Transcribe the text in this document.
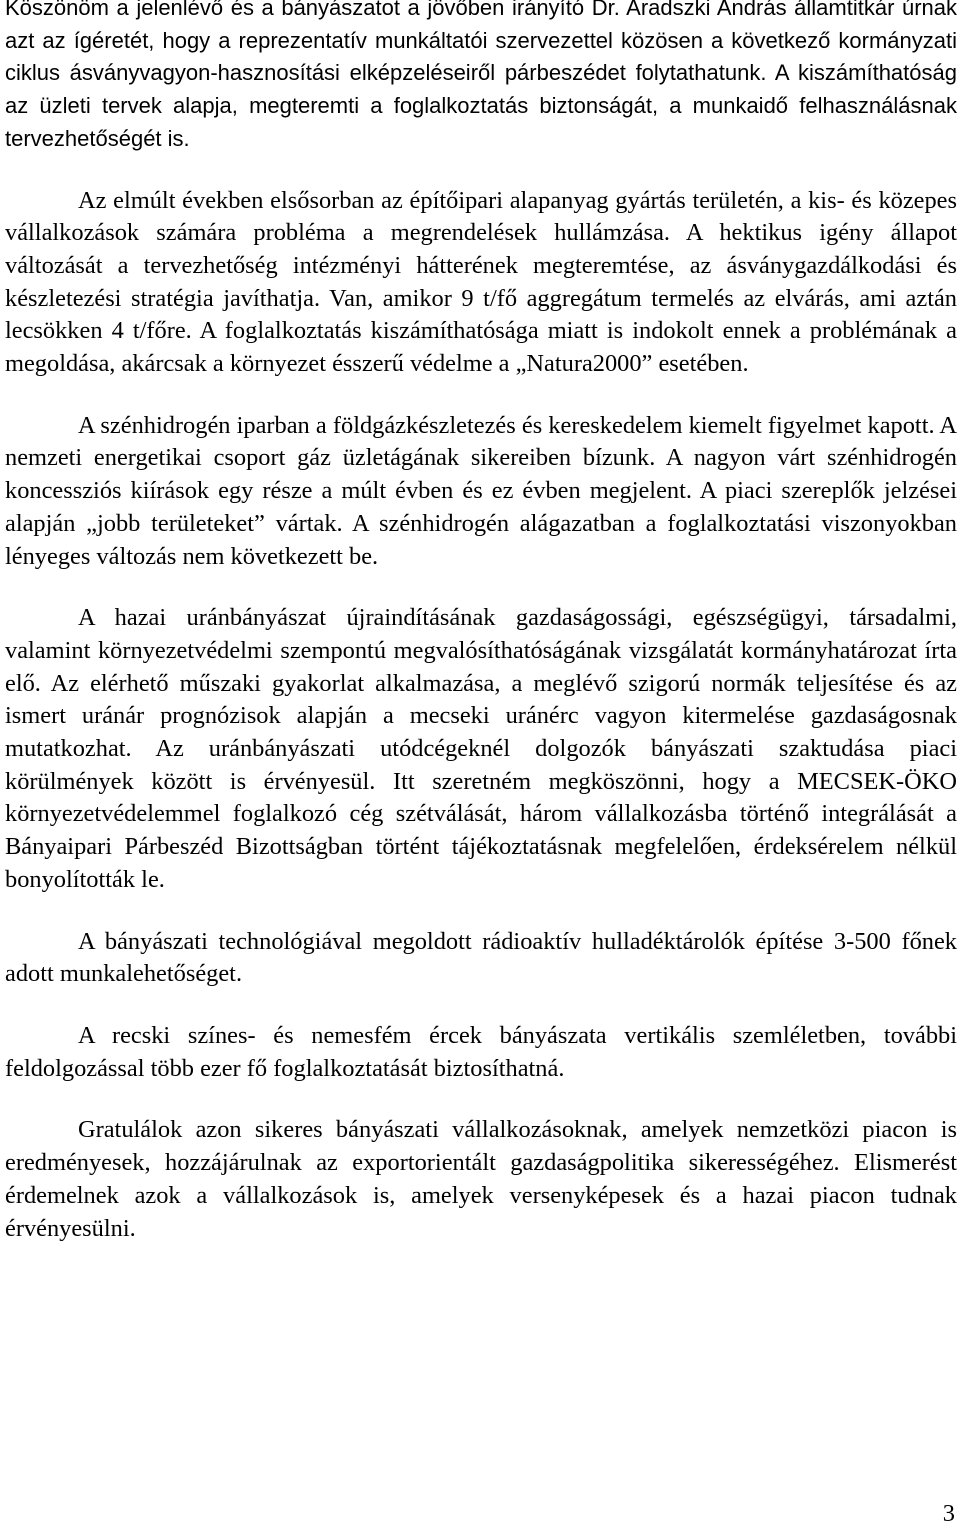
Köszönöm a jelenlévő és a bányászatot a jövőben irányító Dr. Aradszki András államtitkár úrnak azt az ígéretét, hogy a reprezentatív munkáltatói szervezettel közösen a következő kormányzati ciklus ásványvagyon-hasznosítási elképzeléseiről párbeszédet folytathatunk. A kiszámíthatóság az üzleti tervek alapja, megteremti a foglalkoztatás biztonságát, a munkaidő felhasználásnak tervezhetőségét is.

Az elmúlt években elsősorban az építőipari alapanyag gyártás területén, a kis- és közepes vállalkozások számára probléma a megrendelések hullámzása. A hektikus igény állapot változását a tervezhetőség intézményi hátterének megteremtése, az ásványgazdálkodási és készletezési stratégia javíthatja. Van, amikor 9 t/fő aggregátum termelés az elvárás, ami aztán lecsökken 4 t/főre. A foglalkoztatás kiszámíthatósága miatt is indokolt ennek a problémának a megoldása, akárcsak a környezet ésszerű védelme a „Natura2000” esetében.

A szénhidrogén iparban a földgázkészletezés és kereskedelem kiemelt figyelmet kapott. A nemzeti energetikai csoport gáz üzletágának sikereiben bízunk. A nagyon várt szénhidrogén koncessziós kiírások egy része a múlt évben és ez évben megjelent. A piaci szereplők jelzései alapján „jobb területeket” vártak. A szénhidrogén alágazatban a foglalkoztatási viszonyokban lényeges változás nem következett be.

A hazai uránbányászat újraindításának gazdaságossági, egészségügyi, társadalmi, valamint környezetvédelmi szempontú megvalósíthatóságának vizsgálatát kormányhatározat írta elő. Az elérhető műszaki gyakorlat alkalmazása, a meglévő szigorú normák teljesítése és az ismert uránár prognózisok alapján a mecseki uránérc vagyon kitermelése gazdaságosnak mutatkozhat. Az uránbányászati utódcégeknél dolgozók bányászati szaktudása piaci körülmények között is érvényesül. Itt szeretném megköszönni, hogy a MECSEK-ÖKO környezetvédelemmel foglalkozó cég szétválását, három vállalkozásba történő integrálását a Bányaipari Párbeszéd Bizottságban történt tájékoztatásnak megfelelően, érdeksérelem nélkül bonyolították le.

A bányászati technológiával megoldott rádioaktív hulladéktárolók építése 3-500 főnek adott munkalehetőséget.

A recski színes- és nemesfém ércek bányászata vertikális szemléletben, további feldolgozással több ezer fő foglalkoztatását biztosíthatná.

Gratulálok azon sikeres bányászati vállalkozásoknak, amelyek nemzetközi piacon is eredményesek, hozzájárulnak az exportorientált gazdaságpolitika sikerességéhez. Elismerést érdemelnek azok a vállalkozások is, amelyek versenyképesek és a hazai piacon tudnak érvényesülni.

3
